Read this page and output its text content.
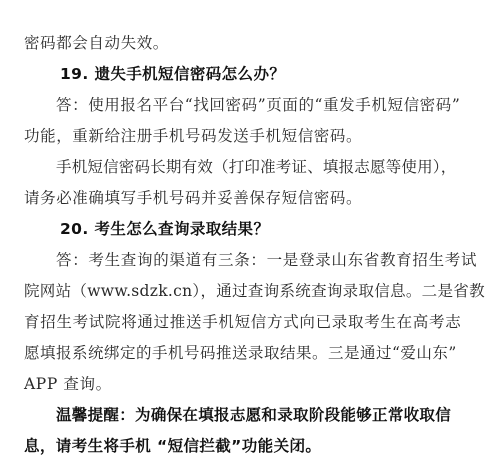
密码都会自动失效。
19. 遗失手机短信密码怎么办？
答：使用报名平台“找回密码”页面的“重发手机短信密码”
功能，重新给注册手机号码发送手机短信密码。
手机短信密码长期有效（打印准考证、填报志愿等使用），
请务必准确填写手机号码并妥善保存短信密码。
20. 考生怎么查询录取结果？
答：考生查询的渠道有三条：一是登录山东省教育招生考试
院网站（www.sdzk.cn），通过查询系统查询录取信息。二是省教
育招生考试院将通过推送手机短信方式向已录取考生在高考志
愿填报系统绑定的手机号码推送录取结果。三是通过“爱山东”
APP 查询。
温馨提醒：为确保在填报志愿和录取阶段能够正常收取信
息，请考生将手机 “短信拦截”功能关闭。
